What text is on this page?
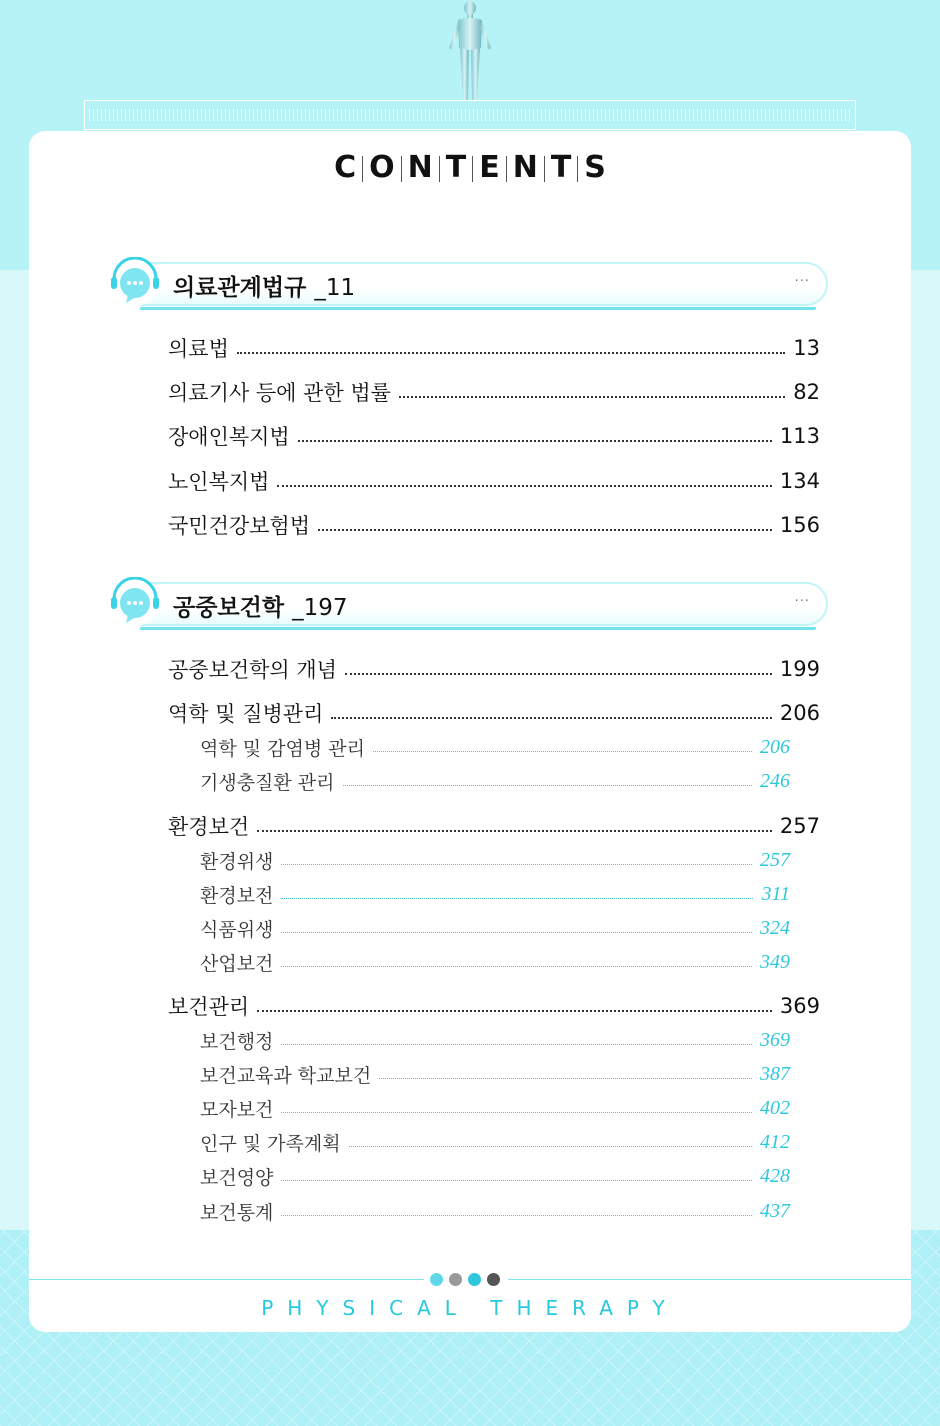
C O N T E N T S
···
의료관계법규 _11
의료법	13
의료기사 등에 관한 법률	82
장애인복지법	113
노인복지법	134
국민건강보험법	156
···
공중보건학 _197
공중보건학의 개념	199
역학 및 질병관리	206
역학 및 감염병 관리	206
기생충질환 관리	246
환경보건	257
환경위생	257
환경보전	311
식품위생	324
산업보건	349
보건관리	369
보건행정	369
보건교육과 학교보건	387
모자보건	402
인구 및 가족계획	412
보건영양	428
보건통계	437
PHYSICAL THERAPY
